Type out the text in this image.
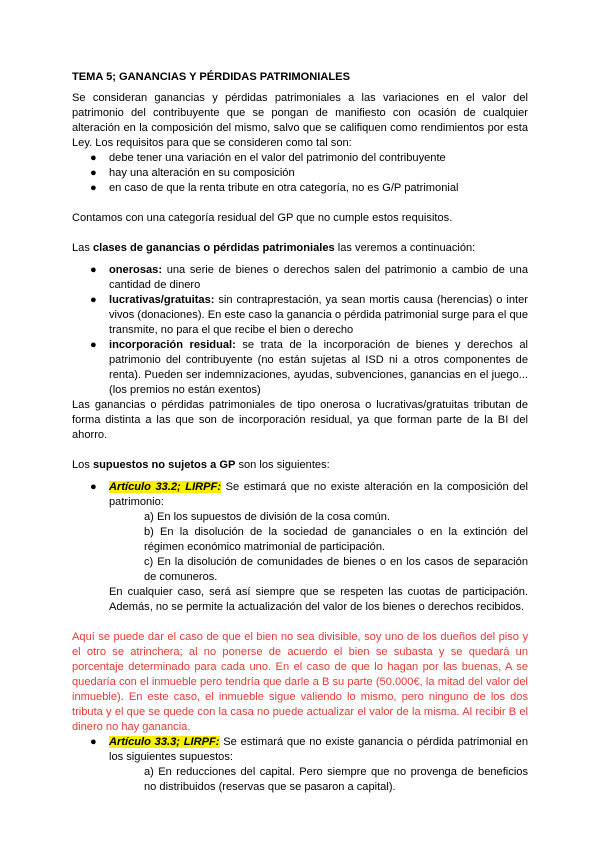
TEMA 5; GANANCIAS Y PÉRDIDAS PATRIMONIALES

Se consideran ganancias y pérdidas patrimoniales a las variaciones en el valor del patrimonio del contribuyente que se pongan de manifiesto con ocasión de cualquier alteración en la composición del mismo, salvo que se califiquen como rendimientos por esta Ley. Los requisitos para que se consideren como tal son:

● debe tener una variación en el valor del patrimonio del contribuyente
● hay una alteración en su composición
● en caso de que la renta tribute en otra categoría, no es G/P patrimonial

Contamos con una categoría residual del GP que no cumple estos requisitos.

Las clases de ganancias o pérdidas patrimoniales las veremos a continuación:

● onerosas: una serie de bienes o derechos salen del patrimonio a cambio de una cantidad de dinero
● lucrativas/gratuitas: sin contraprestación, ya sean mortis causa (herencias) o inter vivos (donaciones). En este caso la ganancia o pérdida patrimonial surge para el que transmite, no para el que recibe el bien o derecho
● incorporación residual: se trata de la incorporación de bienes y derechos al patrimonio del contribuyente (no están sujetas al ISD ni a otros componentes de renta). Pueden ser indemnizaciones, ayudas, subvenciones, ganancias en el juego... (los premios no están exentos)

Las ganancias o pérdidas patrimoniales de tipo onerosa o lucrativas/gratuitas tributan de forma distinta a las que son de incorporación residual, ya que forman parte de la BI del ahorro.

Los supuestos no sujetos a GP son los siguientes:

● Artículo 33.2; LIRPF: Se estimará que no existe alteración en la composición del patrimonio:

a) En los supuestos de división de la cosa común.

b) En la disolución de la sociedad de gananciales o en la extinción del régimen económico matrimonial de participación.

c) En la disolución de comunidades de bienes o en los casos de separación de comuneros.

En cualquier caso, será así siempre que se respeten las cuotas de participación. Además, no se permite la actualización del valor de los bienes o derechos recibidos.

Aquí se puede dar el caso de que el bien no sea divisible, soy uno de los dueños del piso y el otro se atrinchera; al no ponerse de acuerdo el bien se subasta y se quedará un porcentaje determinado para cada uno. En el caso de que lo hagan por las buenas, A se quedaría con el inmueble pero tendría que darle a B su parte (50.000€, la mitad del valor del inmueble). En este caso, el inmueble sigue valiendo lo mismo, pero ninguno de los dos tributa y el que se quede con la casa no puede actualizar el valor de la misma. Al recibir B el dinero no hay ganancia.

● Artículo 33.3; LIRPF: Se estimará que no existe ganancia o pérdida patrimonial en los siguientes supuestos:

a) En reducciones del capital. Pero siempre que no provenga de beneficios no distribuidos (reservas que se pasaron a capital).
